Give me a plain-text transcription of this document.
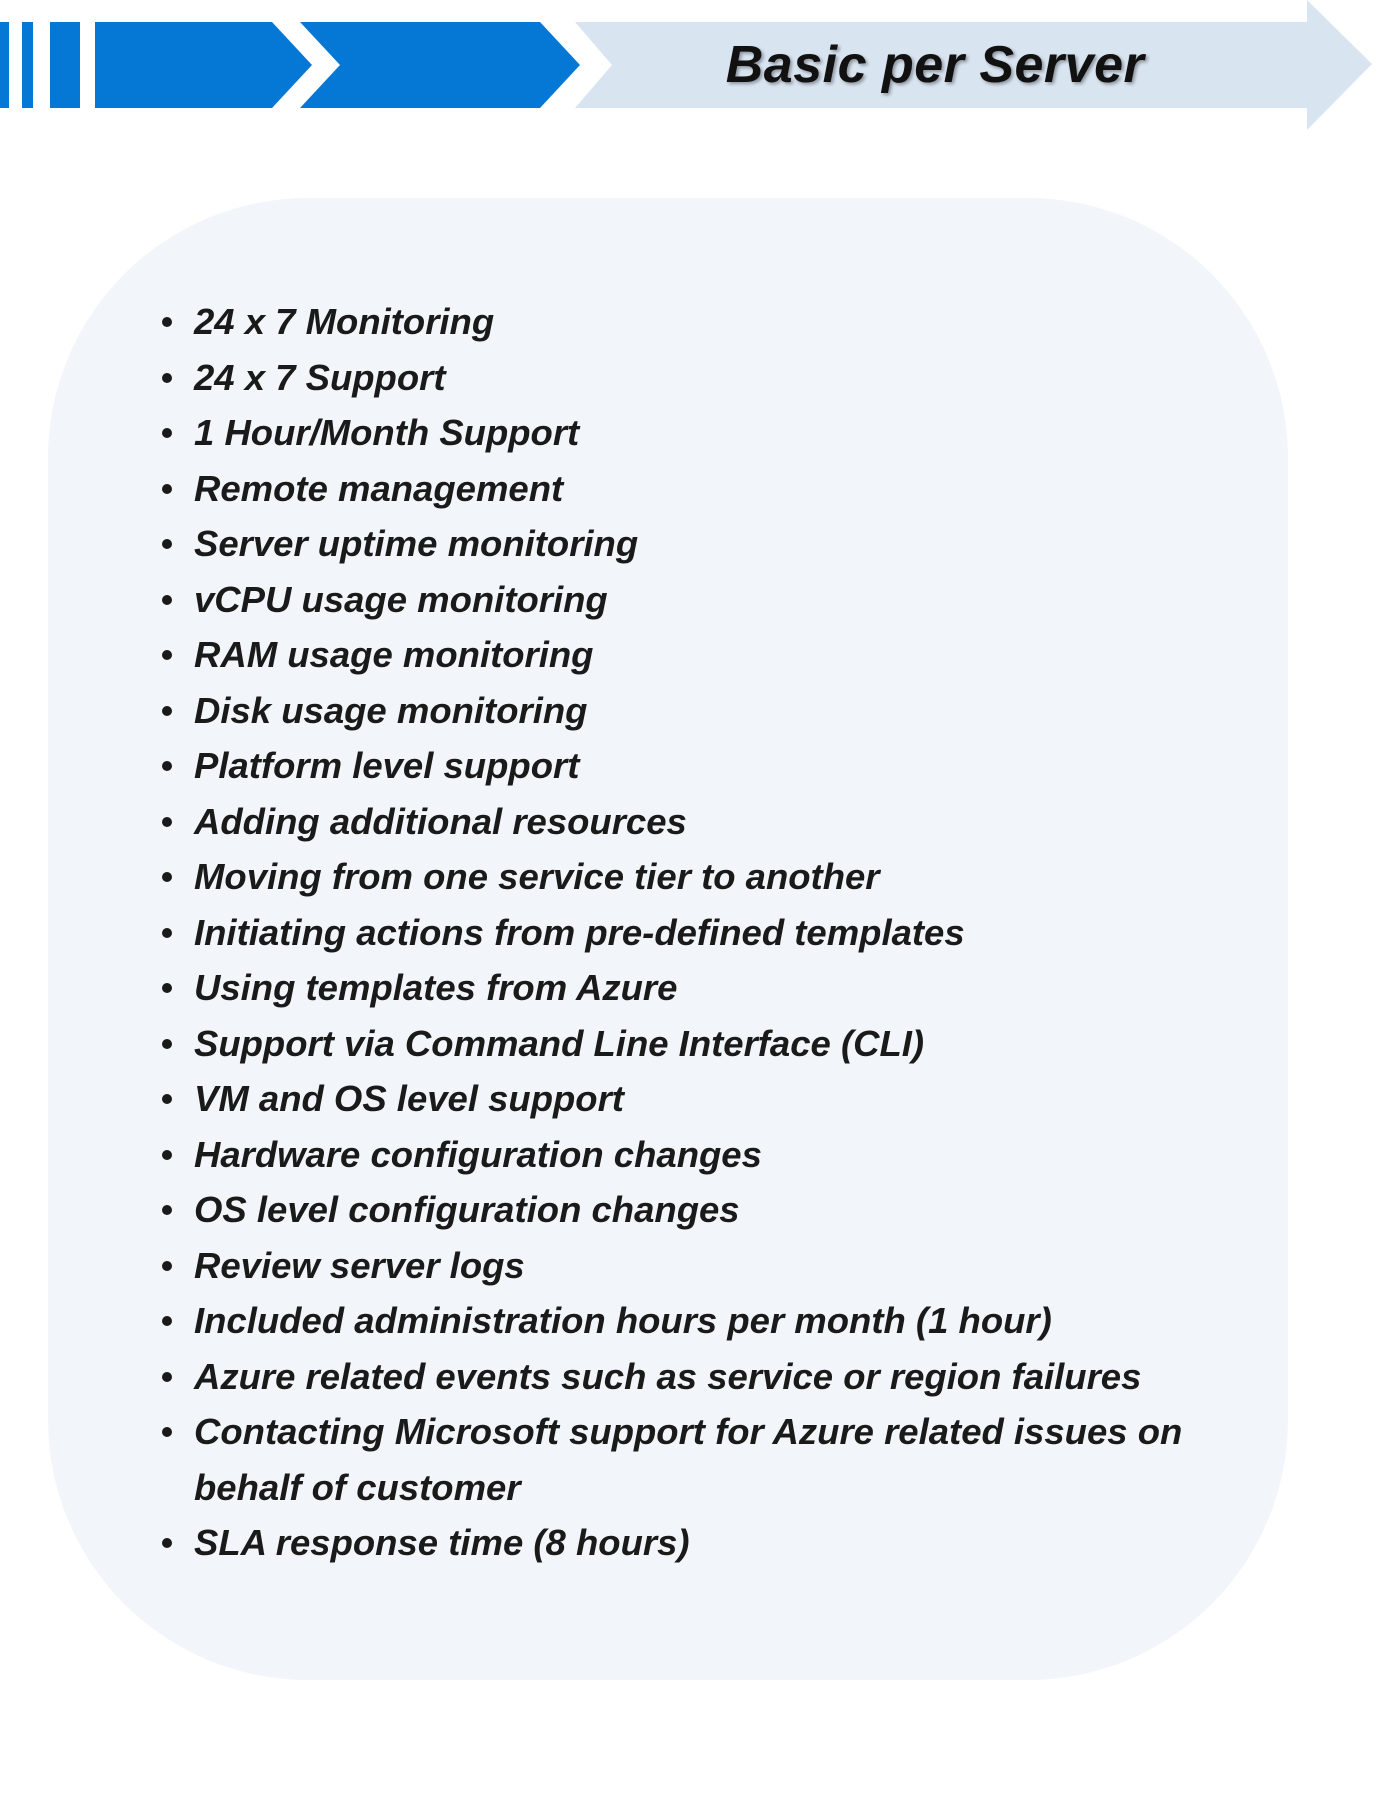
Basic per Server
24 x 7 Monitoring
24 x 7 Support
1 Hour/Month Support
Remote management
Server uptime monitoring
vCPU usage monitoring
RAM usage monitoring
Disk usage monitoring
Platform level support
Adding additional resources
Moving from one service tier to another
Initiating actions from pre-defined templates
Using templates from Azure
Support via Command Line Interface (CLI)
VM and OS level support
Hardware configuration changes
OS level configuration changes
Review server logs
Included administration hours per month (1 hour)
Azure related events such as service or region failures
Contacting Microsoft support for Azure related issues on behalf of customer
SLA response time (8 hours)
